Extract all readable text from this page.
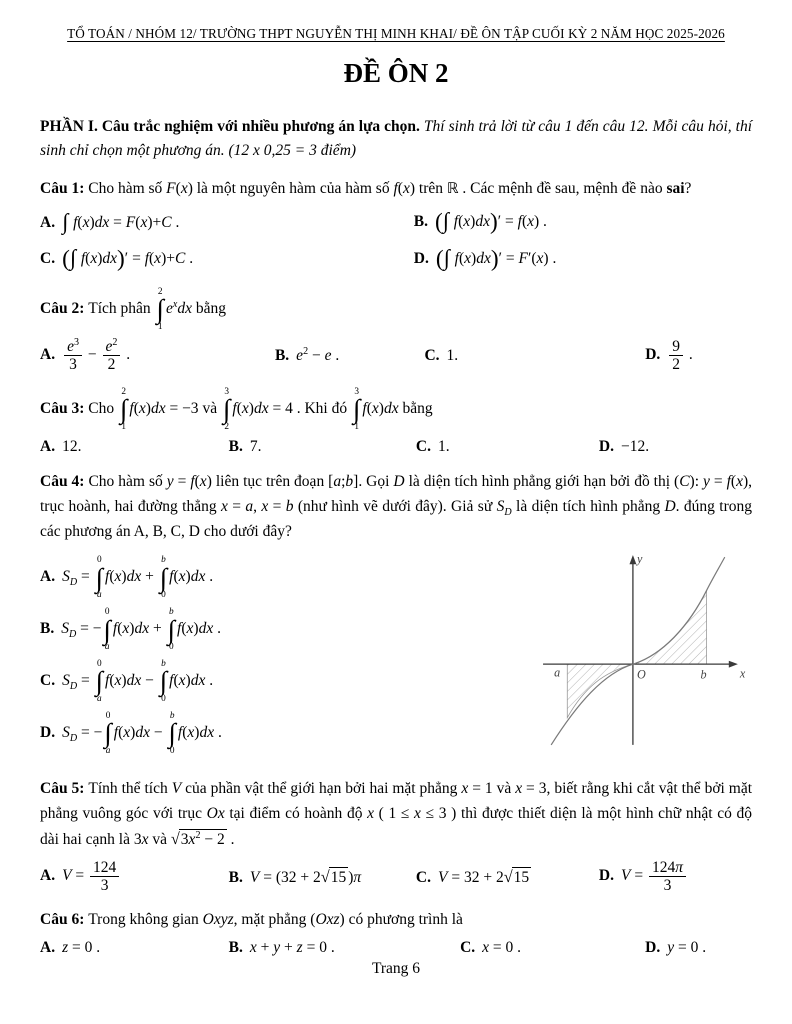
TỔ TOÁN / NHÓM 12/ TRƯỜNG THPT NGUYỄN THỊ MINH KHAI/ ĐỀ ÔN TẬP CUỐI KỲ 2 NĂM HỌC 2025-2026
ĐỀ ÔN 2

PHẦN I. Câu trắc nghiệm với nhiều phương án lựa chọn. Thí sinh trả lời từ câu 1 đến câu 12. Mỗi câu hỏi, thí sinh chỉ chọn một phương án. (12 x 0,25 = 3 điểm)

Câu 1: Cho hàm số F(x) là một nguyên hàm của hàm số f(x) trên ℝ . Các mệnh đề sau, mệnh đề nào sai?

A. ∫ f(x)dx = F(x)+C .	B. (∫ f(x)dx)′ = f(x) .
C. (∫ f(x)dx)′ = f(x)+C .	D. (∫ f(x)dx)′ = F′(x) .

Câu 2: Tích phân
2
∫
1
$e^xdx$ bằng

A. $\frac{e^3}{3} - \frac{e^2}{2}$ .	B. $e^2 - e$ .	C. 1.	D. $\frac{9}{2}$ .

Câu 3: Cho
2
∫
1
f(x)dx = −3 và
3
∫
2
f(x)dx = 4 . Khi đó
3
∫
1
f(x)dx bằng

A. 12.	B. 7.	C. 1.	D. −12.

Câu 4: Cho hàm số y = f(x) liên tục trên đoạn [a;b]. Gọi D là diện tích hình phẳng giới hạn bởi đồ thị (C): y = f(x), trục hoành, hai đường thẳng x = a, x = b (như hình vẽ dưới đây). Giả sử $S_D$ là diện tích hình phẳng D. đúng trong các phương án A, B, C, D cho dưới đây?

A. $S_D$ =
0
∫
a
f(x)dx +
b
∫
0
f(x)dx .
B. $S_D$ = −
0
∫
a
f(x)dx +
b
∫
0
f(x)dx .
C. $S_D$ =
0
∫
a
f(x)dx −
b
∫
0
f(x)dx .
D. $S_D$ = −
0
∫
a
f(x)dx −
b
∫
0
f(x)dx .
y
x
O
a	b

Câu 5: Tính thể tích V của phần vật thể giới hạn bởi hai mặt phẳng x = 1 và x = 3, biết rằng khi cắt vật thể bởi mặt phẳng vuông góc với trục Ox tại điểm có hoành độ x ( 1 ≤ x ≤ 3 ) thì được thiết diện là một hình chữ nhật có độ dài hai cạnh là 3x và $√3x^2 - 2$ .

A. $V = \frac{124}{3}$	B. V = (32 + 2√15 )π	C. V = 32 + 2√15	D. $V = \frac{124\pi}{3}$

Câu 6: Trong không gian Oxyz, mặt phẳng (Oxz) có phương trình là

A. z = 0 .	B. x + y + z = 0 .	C. x = 0 .	D. y = 0 .
Trang 6
